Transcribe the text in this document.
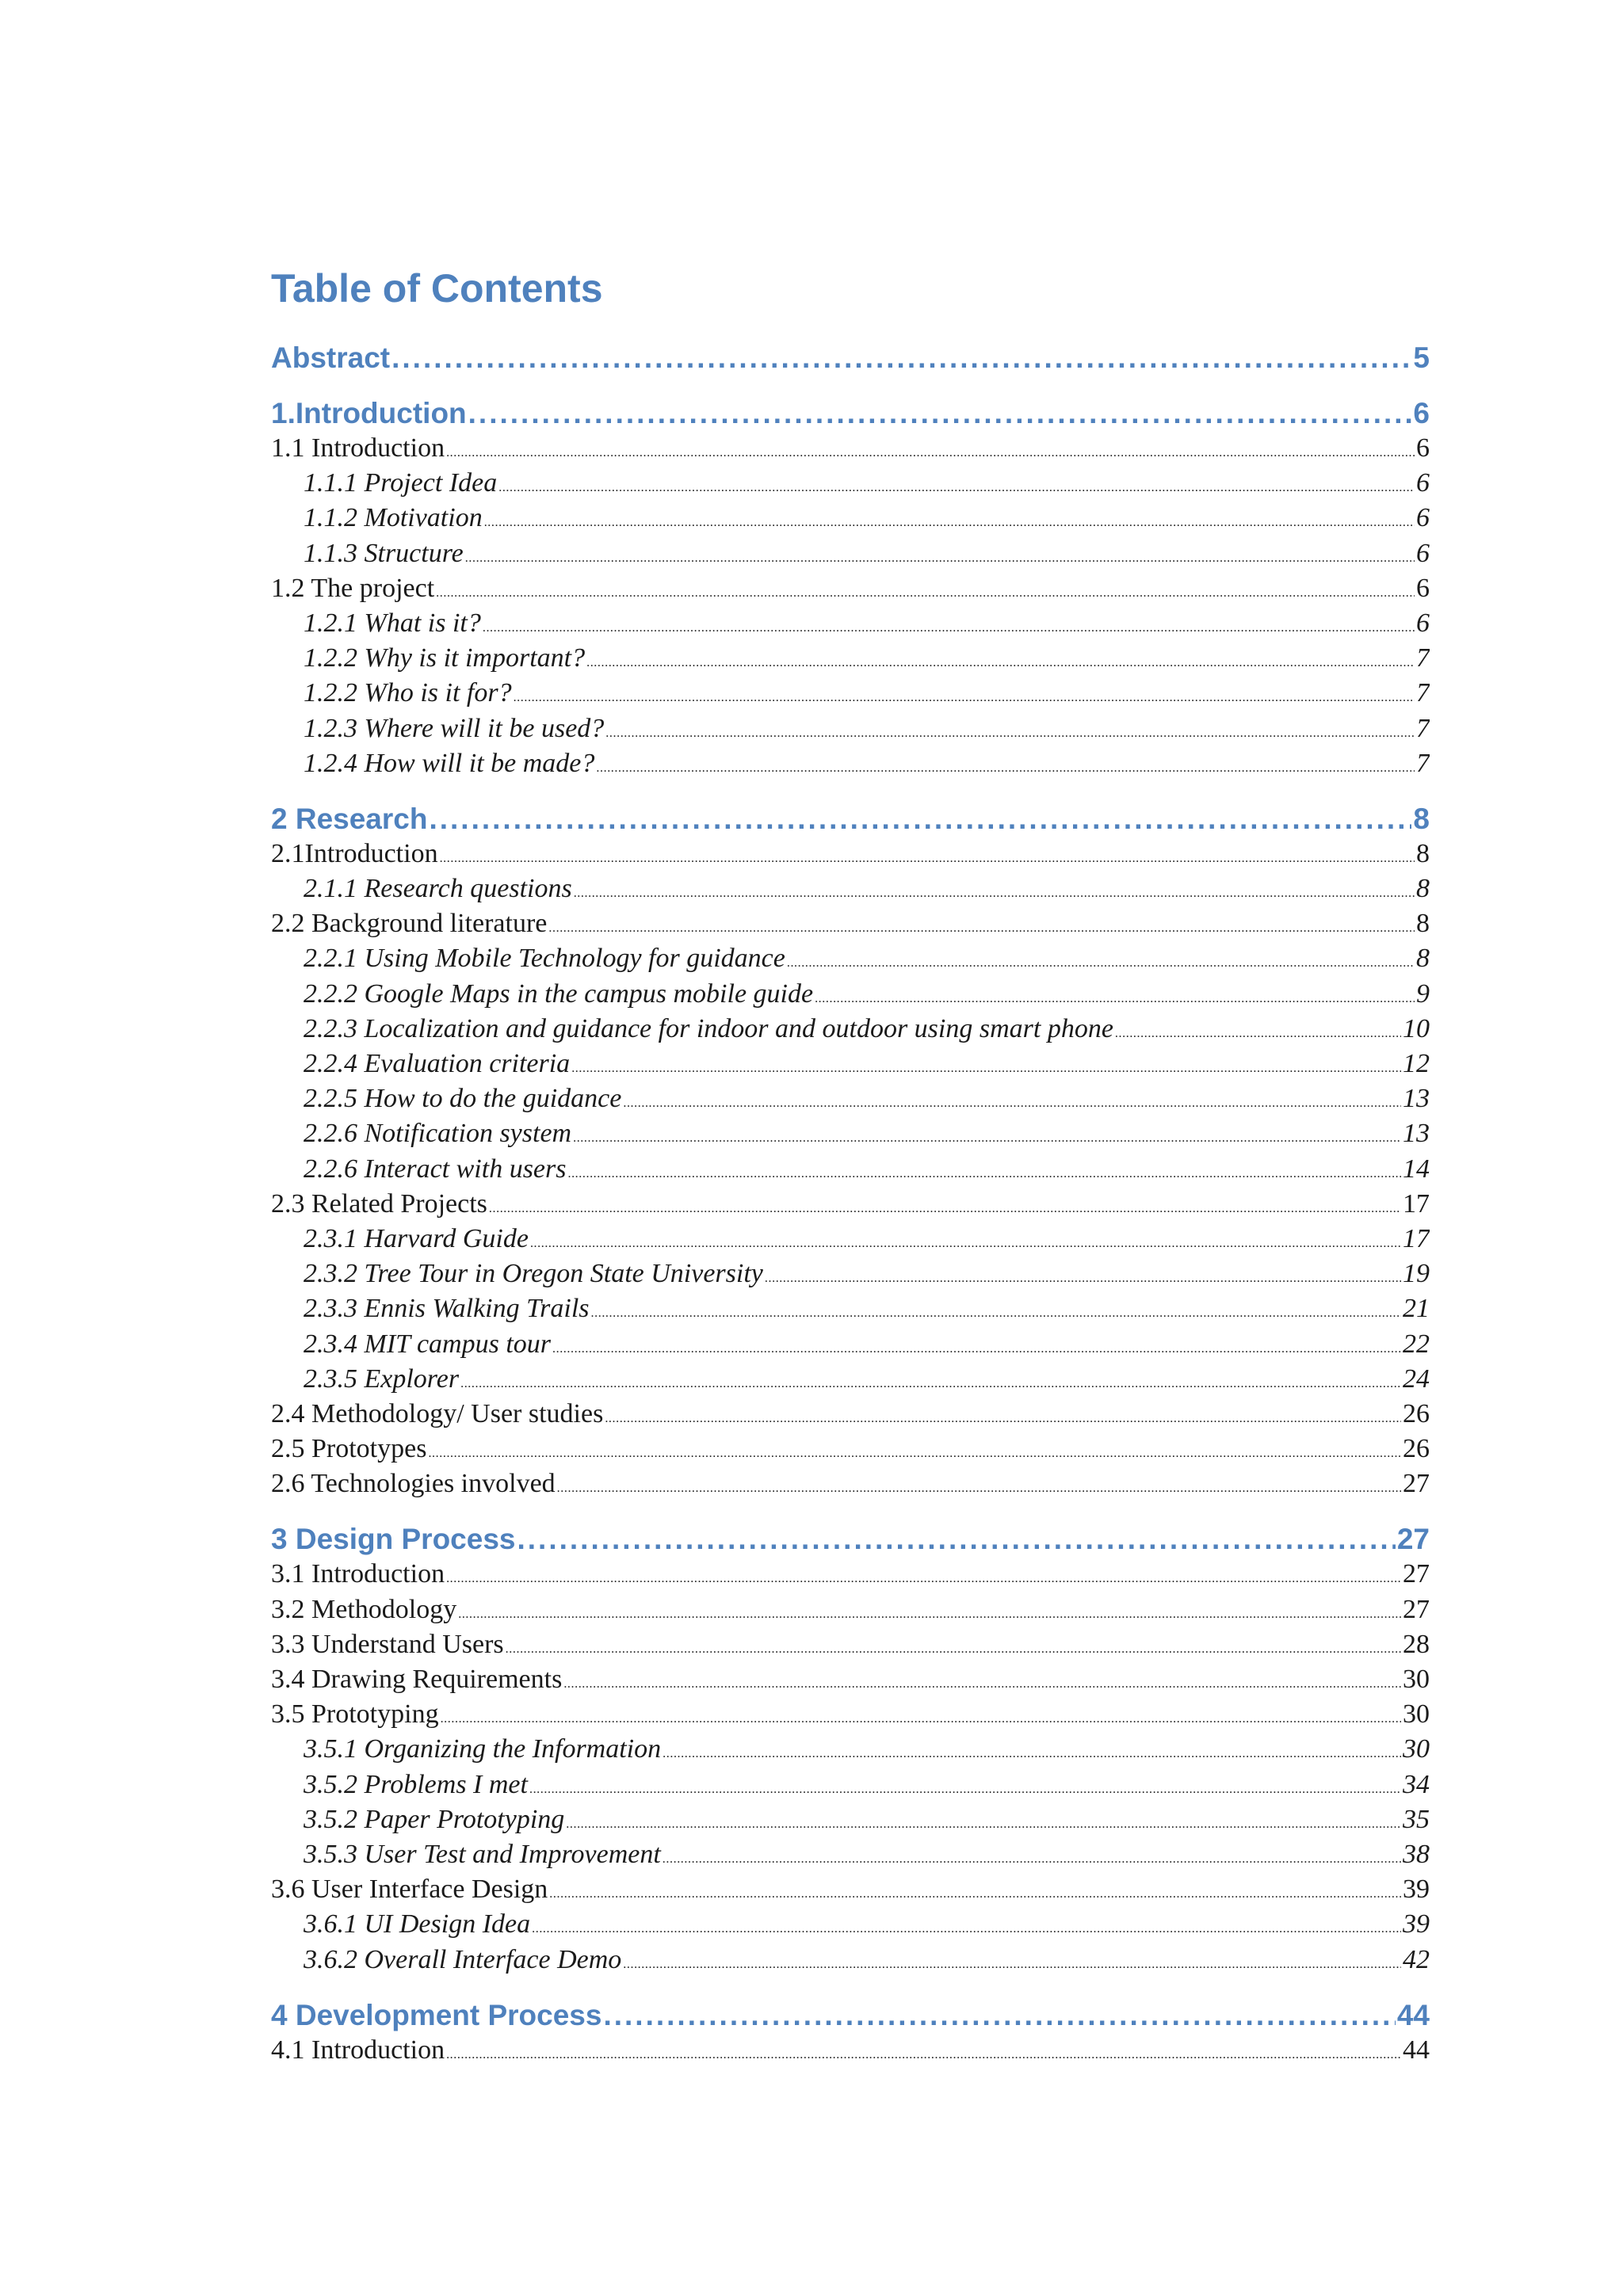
Table of Contents
Abstract .....	5
1.Introduction .....	6
1.1 Introduction .....	6
1.1.1 Project Idea .....	6
1.1.2 Motivation .....	6
1.1.3 Structure .....	6
1.2 The project .....	6
1.2.1 What is it? .....	6
1.2.2 Why is it important? .....	7
1.2.2 Who is it for? .....	7
1.2.3 Where will it be used? .....	7
1.2.4 How will it be made? .....	7
2 Research .....	8
2.1Introduction .....	8
2.1.1 Research questions .....	8
2.2 Background literature .....	8
2.2.1 Using Mobile Technology for guidance .....	8
2.2.2 Google Maps in the campus mobile guide .....	9
2.2.3 Localization and guidance for indoor and outdoor using smart phone .....	10
2.2.4 Evaluation criteria .....	12
2.2.5 How to do the guidance .....	13
2.2.6 Notification system .....	13
2.2.6 Interact with users .....	14
2.3 Related Projects .....	17
2.3.1 Harvard Guide .....	17
2.3.2 Tree Tour in Oregon State University .....	19
2.3.3 Ennis Walking Trails .....	21
2.3.4 MIT campus tour .....	22
2.3.5 Explorer .....	24
2.4 Methodology/ User studies .....	26
2.5 Prototypes .....	26
2.6 Technologies involved .....	27
3 Design Process .....	27
3.1 Introduction .....	27
3.2 Methodology .....	27
3.3 Understand Users .....	28
3.4 Drawing Requirements .....	30
3.5 Prototyping .....	30
3.5.1 Organizing the Information .....	30
3.5.2 Problems I met .....	34
3.5.2 Paper Prototyping .....	35
3.5.3 User Test and Improvement .....	38
3.6 User Interface Design .....	39
3.6.1 UI Design Idea .....	39
3.6.2 Overall Interface Demo .....	42
4 Development Process .....	44
4.1 Introduction .....	44
